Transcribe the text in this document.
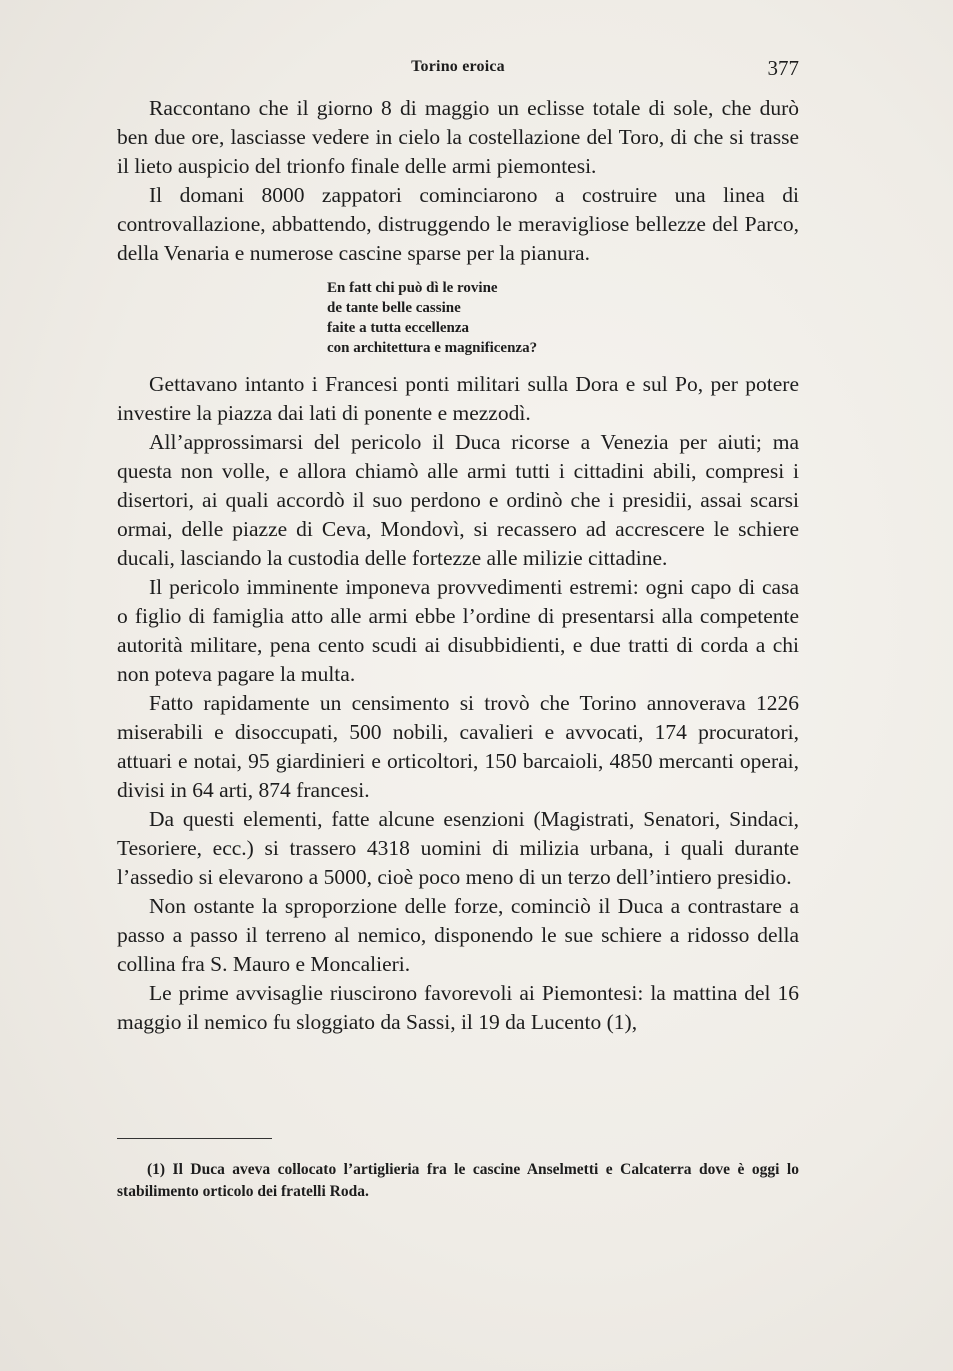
Torino eroica	377

Raccontano che il giorno 8 di maggio un eclisse totale di sole, che durò ben due ore, lasciasse vedere in cielo la costellazione del Toro, di che si trasse il lieto auspicio del trionfo finale delle armi piemontesi.

Il domani 8000 zappatori cominciarono a costruire una linea di controvallazione, abbattendo, distruggendo le meravigliose bellezze del Parco, della Venaria e numerose cascine sparse per la pianura.

En fatt chi può dì le rovine
de tante belle cassine
faite a tutta eccellenza
con architettura e magnificenza?

Gettavano intanto i Francesi ponti militari sulla Dora e sul Po, per potere investire la piazza dai lati di ponente e mezzodì.

All’approssimarsi del pericolo il Duca ricorse a Venezia per aiuti; ma questa non volle, e allora chiamò alle armi tutti i cittadini abili, compresi i disertori, ai quali accordò il suo perdono e ordinò che i presidii, assai scarsi ormai, delle piazze di Ceva, Mondovì, si recassero ad accrescere le schiere ducali, lasciando la custodia delle fortezze alle milizie cittadine.

Il pericolo imminente imponeva provvedimenti estremi: ogni capo di casa o figlio di famiglia atto alle armi ebbe l’ordine di presentarsi alla competente autorità militare, pena cento scudi ai disubbidienti, e due tratti di corda a chi non poteva pagare la multa.

Fatto rapidamente un censimento si trovò che Torino annoverava 1226 miserabili e disoccupati, 500 nobili, cavalieri e avvocati, 174 procuratori, attuari e notai, 95 giardinieri e orticoltori, 150 barcaioli, 4850 mercanti operai, divisi in 64 arti, 874 francesi.

Da questi elementi, fatte alcune esenzioni (Magistrati, Senatori, Sindaci, Tesoriere, ecc.) si trassero 4318 uomini di milizia urbana, i quali durante l’assedio si elevarono a 5000, cioè poco meno di un terzo dell’intiero presidio.

Non ostante la sproporzione delle forze, cominciò il Duca a contrastare a passo a passo il terreno al nemico, disponendo le sue schiere a ridosso della collina fra S. Mauro e Moncalieri.

Le prime avvisaglie riuscirono favorevoli ai Piemontesi: la mattina del 16 maggio il nemico fu sloggiato da Sassi, il 19 da Lucento (1),

(1) Il Duca aveva collocato l’artiglieria fra le cascine Anselmetti e Calcaterra dove è oggi lo stabilimento orticolo dei fratelli Roda.
